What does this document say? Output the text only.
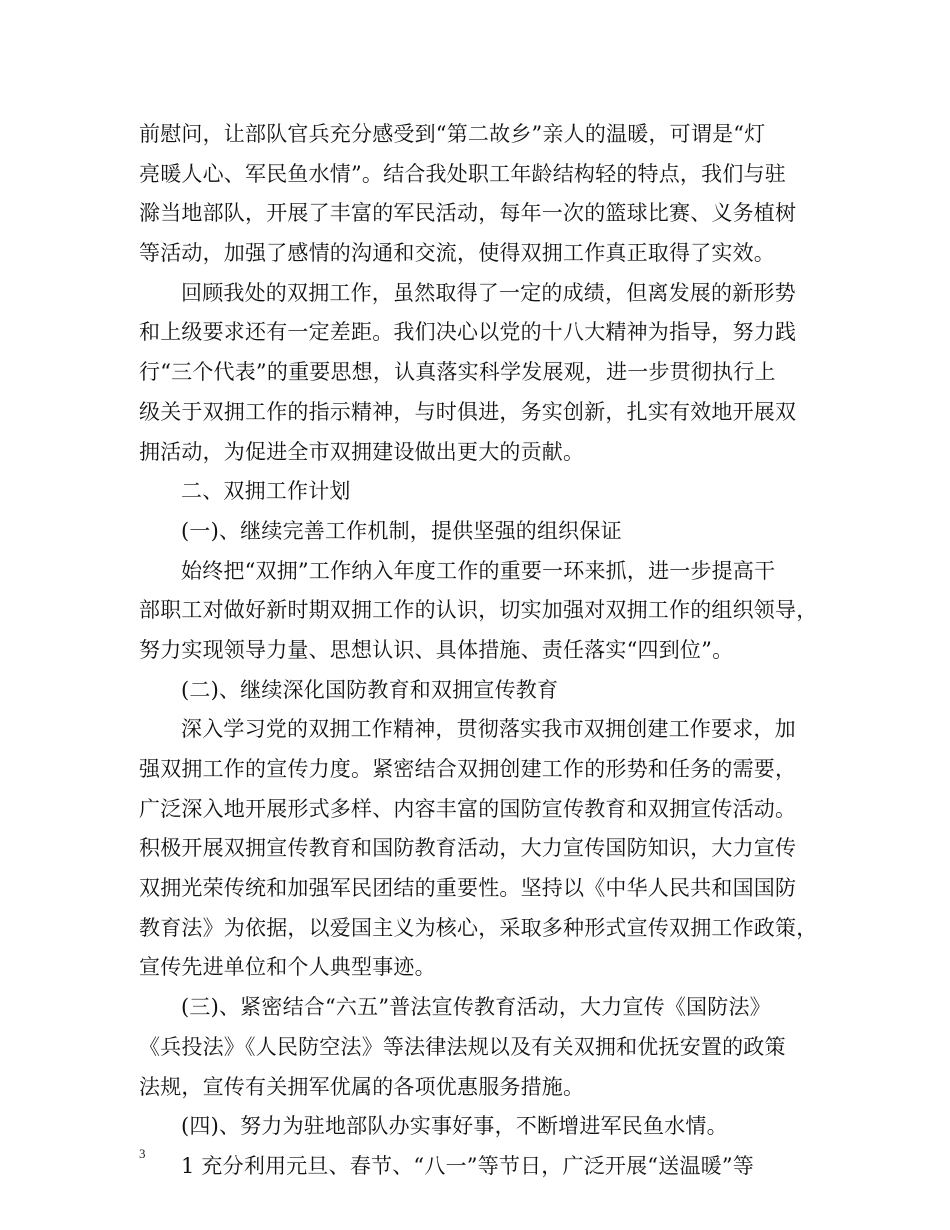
前慰问，让部队官兵充分感受到“第二故乡”亲人的温暖，可谓是“灯
亮暖人心、军民鱼水情”。结合我处职工年龄结构轻的特点，我们与驻
滁当地部队，开展了丰富的军民活动，每年一次的篮球比赛、义务植树
等活动，加强了感情的沟通和交流，使得双拥工作真正取得了实效。
回顾我处的双拥工作，虽然取得了一定的成绩，但离发展的新形势
和上级要求还有一定差距。我们决心以党的十八大精神为指导，努力践
行“三个代表”的重要思想，认真落实科学发展观，进一步贯彻执行上
级关于双拥工作的指示精神，与时俱进，务实创新，扎实有效地开展双
拥活动，为促进全市双拥建设做出更大的贡献。
二、双拥工作计划
(一)、继续完善工作机制，提供坚强的组织保证
始终把“双拥”工作纳入年度工作的重要一环来抓，进一步提高干
部职工对做好新时期双拥工作的认识，切实加强对双拥工作的组织领导，
努力实现领导力量、思想认识、具体措施、责任落实“四到位”。
(二)、继续深化国防教育和双拥宣传教育
深入学习党的双拥工作精神，贯彻落实我市双拥创建工作要求，加
强双拥工作的宣传力度。紧密结合双拥创建工作的形势和任务的需要，
广泛深入地开展形式多样、内容丰富的国防宣传教育和双拥宣传活动。
积极开展双拥宣传教育和国防教育活动，大力宣传国防知识，大力宣传
双拥光荣传统和加强军民团结的重要性。坚持以《中华人民共和国国防
教育法》为依据，以爱国主义为核心，采取多种形式宣传双拥工作政策，
宣传先进单位和个人典型事迹。
(三)、紧密结合“六五”普法宣传教育活动，大力宣传《国防法》
《兵投法》《人民防空法》等法律法规以及有关双拥和优抚安置的政策
法规，宣传有关拥军优属的各项优惠服务措施。
(四)、努力为驻地部队办实事好事，不断增进军民鱼水情。
1 充分利用元旦、春节、“八一”等节日，广泛开展“送温暖”等
3
